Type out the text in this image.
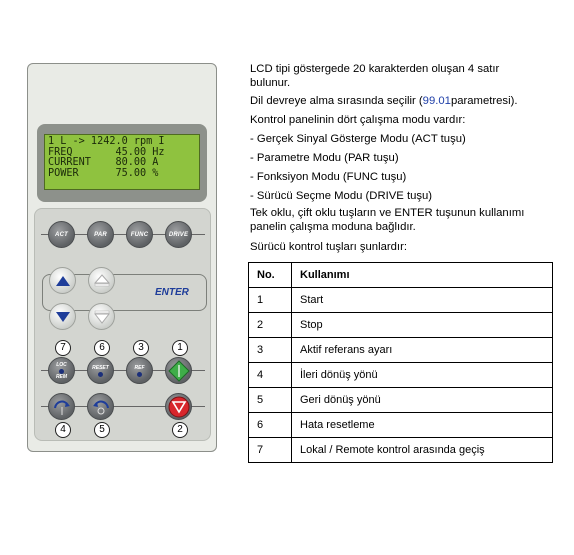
1 L -> 1242.0 rpm I
FREQ       45.00 Hz
CURRENT    80.00 A
POWER      75.00 %
ACT	PAR	FUNC	DRIVE
ENTER
7	6	3	1
LOC
REM
RESET	REF
4	5	2
LCD tipi göstergede 20 karakterden oluşan 4 satır bulunur.
Dil devreye alma sırasında seçilir (99.01parametresi).
Kontrol panelinin dört çalışma modu vardır:
- Gerçek Sinyal Gösterge Modu (ACT tuşu)
- Parametre Modu (PAR tuşu)
- Fonksiyon Modu (FUNC tuşu)
- Sürücü Seçme Modu (DRIVE tuşu)
Tek oklu, çift oklu tuşların ve ENTER tuşunun kullanımı panelin çalışma moduna bağlıdır.
Sürücü kontrol tuşları şunlardır:
No.	Kullanımı
1	Start
2	Stop
3	Aktif referans ayarı
4	İleri dönüş yönü
5	Geri dönüş yönü
6	Hata resetleme
7	Lokal / Remote kontrol arasında geçiş
